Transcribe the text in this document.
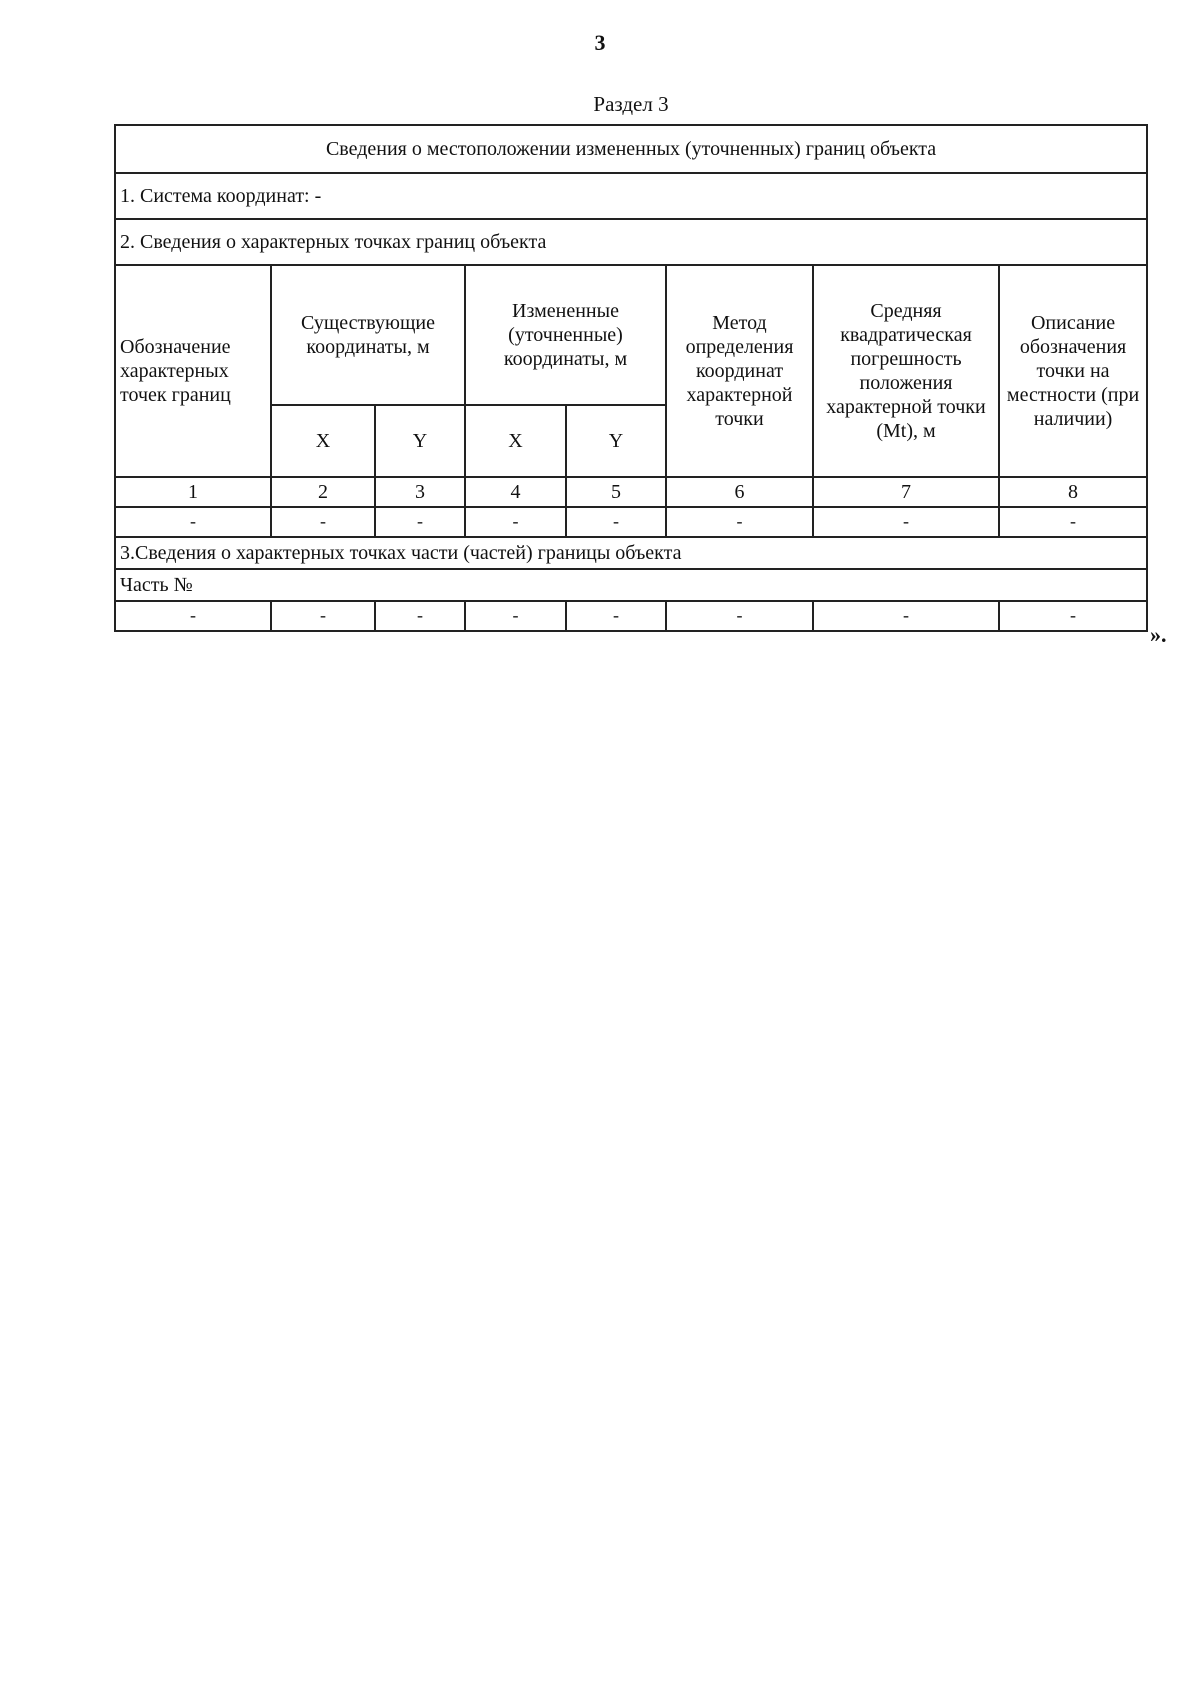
3
Раздел 3
Сведения о местоположении измененных (уточненных) границ объекта							
1. Система координат: -							
2. Сведения о характерных точках границ объекта							
Обозначение характерных точек границ	Существующие координаты, м		Измененные (уточненные) координаты, м		Метод определения координат характерной точки	Средняя квадратическая погрешность положения характерной точки (Mt), м	Описание обозначения точки на местности (при наличии)
	X	Y	X	Y			
1	2	3	4	5	6	7	8
-	-	-	-	-	-	-	-
3.Сведения о характерных точках части (частей) границы объекта							
Часть №							
-	-	-	-	-	-	-	-
».
